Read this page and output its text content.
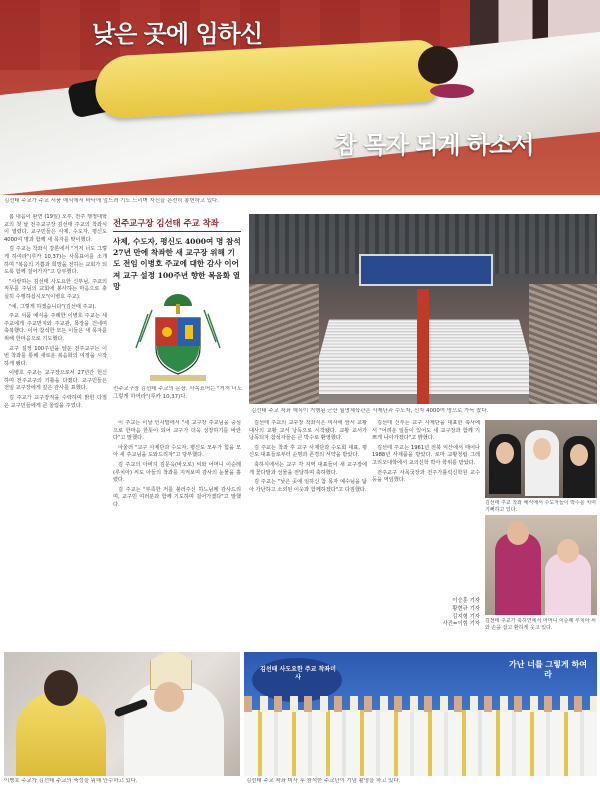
낮은 곳에 임하신
참 목자 되게 하소서
김선태 주교가 주교 서품 예식에서 바닥에 엎드려 기도 드리며 자신을 온전히 봉헌하고 있다.

봄 내음이 완연 (19일) 오후, 전주 행정대학교의 첫 날 전주교구장 김선태 주교의 착좌식이 열렸다. 교구민들은 사제, 수도자, 평신도 4000여 명과 함께 새 목자를 맞이했다.

김 주교는 착좌식 강론에서 "거저 너도 그렇게 하여라"(루카 10,37)는 사목표어를 소개하며 "복음의 기쁨과 희망을 전하는 교회가 되도록 함께 걸어가자"고 당부했다.

"사랑하는 김선태 사도요한 신부님, 주교의 직무를 주님의 교회에 봉사하는 마음으로 충실히 수행하십시오"(이병호 주교).

"예, 그렇게 하겠습니다"(김선태 주교).

주교 서품 예식을 주례한 이병호 주교는 새 주교에게 주교반지와 주교관, 목장을 건네며 축복했다. 이어 참석한 모든 이들은 새 목자를 위해 한마음으로 기도했다.

교구 설정 100주년을 앞둔 전주교구는 이번 착좌를 통해 새로운 복음화의 여정을 시작하게 됐다.

이병호 주교는 교구장으로서 27년간 헌신하며 전주교구의 기틀을 다졌다. 교구민들은 전임 교구장에게 깊은 감사를 표했다.

김 주교가 교구장직을 수락하며 밝힌 다짐은 교구민들에게 큰 울림을 주었다.

전주교구장 김선태 주교 착좌
사제, 수도자, 평신도 4000여 명 참석 27년 만에 착좌한 새 교구장 위해 기도 전임 이병호 주교에 대한 감사 이어져 교구 설정 100주년 향한 복음화 열망
전주교구장 김선태 주교의 문장. 사목표어는 "거저 너도 그렇게 하여라"(루카 10,37)다.
김선태 주교 착좌 예식이 거행된 군산 월명체육관은 사제단과 수도자, 신자 4000여 명으로 가득 찼다.

이 주교는 이날 인사말에서 "새 교구장 주교님을 중심으로 한마음 한뜻이 되어 교구가 더욱 성장하기를 바란다"고 말했다.

아울러 "교구 사제단과 수도자, 평신도 모두가 힘을 모아 새 주교님을 도와드리자"고 당부했다.

김 주교의 아버지 김문옥(바오로) 씨와 어머니 이순례(루치아) 씨도 아들의 착좌를 지켜보며 감사의 눈물을 흘렸다.

김 주교는 "부족한 저를 불러주신 하느님께 감사드리며, 교구민 여러분과 함께 기도하며 걸어가겠다"고 말했다.

김선태 주교의 교구장 착좌식은 미사에 앞서 교황대사의 교황 교서 낭독으로 시작됐다. 교황 교서가 낭독되자 참석자들은 큰 박수로 환영했다.

김 주교는 착좌 후 교구 사제단과 수도회 대표, 평신도 대표들로부터 순명과 존경의 서약을 받았다.

축하식에서는 교구 각 지역 대표들이 새 교구장에게 꽃다발과 선물을 전달하며 축하했다.

김 주교는 "낮은 곳에 임하신 참 목자 예수님을 닮아 가난하고 소외된 이웃과 함께하겠다"고 다짐했다.

김선태 신부는 교구 사제단을 대표한 축사에서 "어려운 일들이 있어도 새 교구장과 함께 기쁘게 나아가겠다"고 밝혔다.

김선태 주교는 1961년 전북 익산에서 태어나 1988년 사제품을 받았다. 로마 교황청립 그레고리오대학에서 교의신학 박사 학위를 받았다.

전주교구 사목국장과 전주가톨릭신학원 교수 등을 역임했다.

이승훈 기자
황현규 기자
김지형 기자
사진=이힘 기자
김선태 주교 착좌 예식에서 수도자들이 박수를 치며 기뻐하고 있다.
김선태 주교가 축하연에서 어머니 이순례 루치아 씨와 손을 잡고 환하게 웃고 있다.
이병호 주교가 김선태 주교의 축성을 위해 안수하고 있다.
김선태 사도요한 주교 착좌미사
가난 너를 그렇게 하여라
김선태 주교 착좌 미사 후 참석한 주교단이 기념 촬영을 하고 있다.
